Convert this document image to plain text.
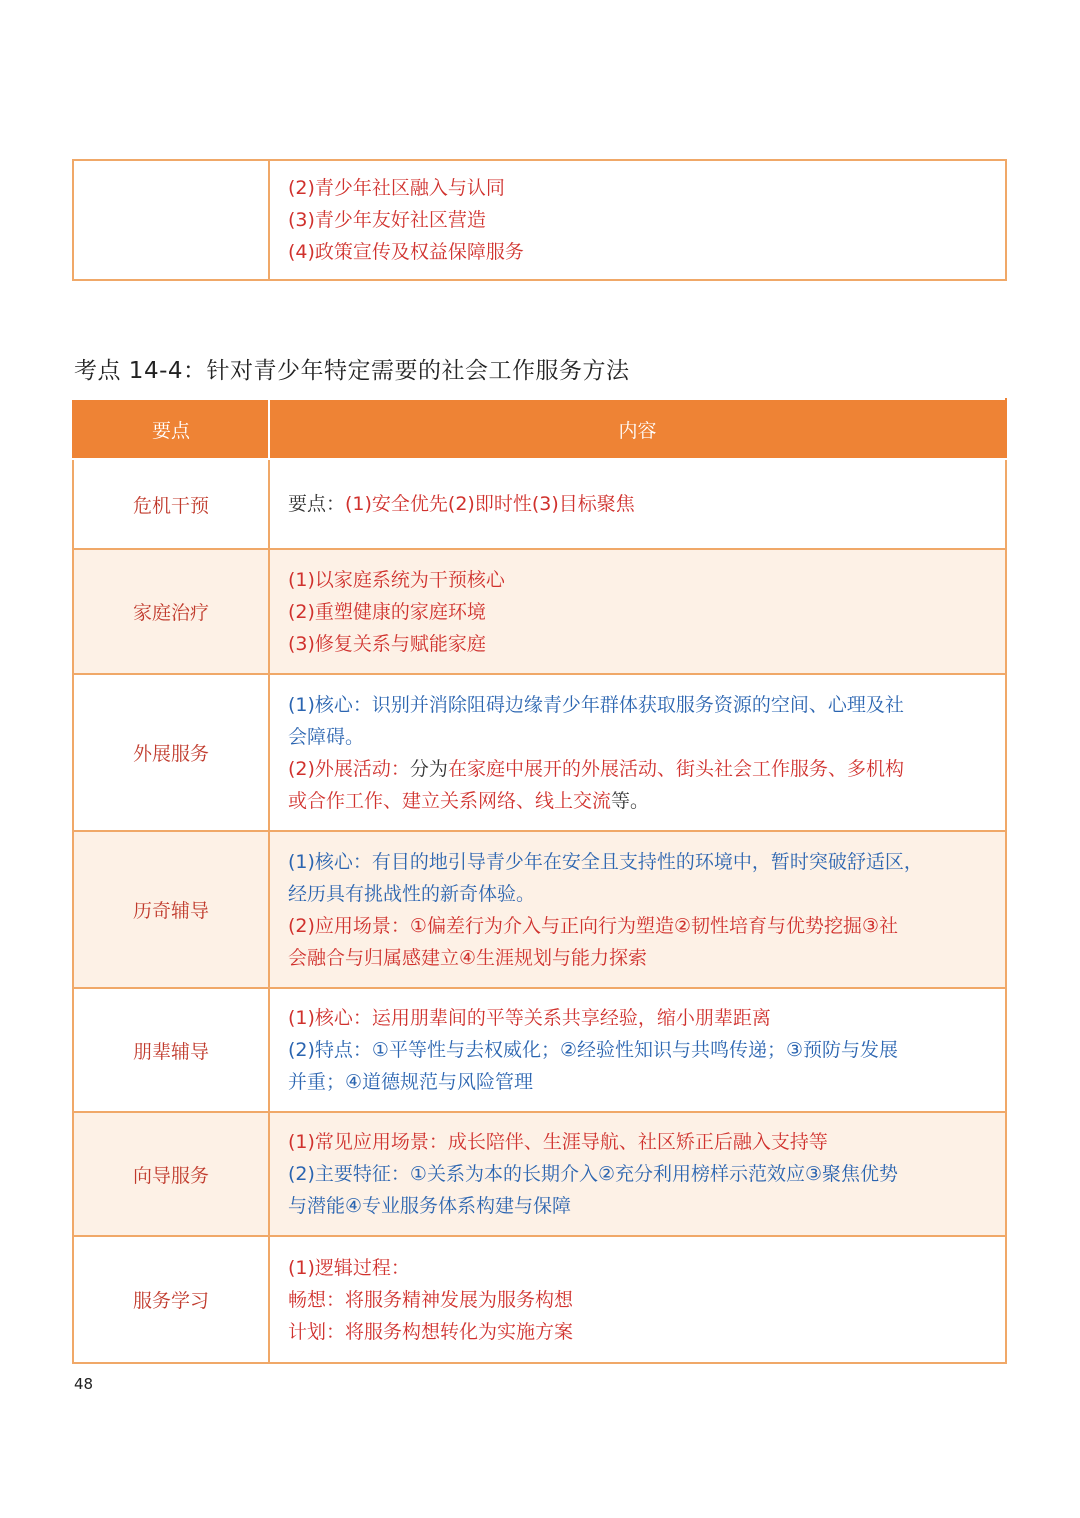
(2)青少年社区融入与认同
(3)青少年友好社区营造
(4)政策宣传及权益保障服务
考点 14-4：针对青少年特定需要的社会工作服务方法
要点	内容
危机干预	要点：(1)安全优先(2)即时性(3)目标聚焦

家庭治疗	(1)以家庭系统为干预核心
(2)重塑健康的家庭环境
(3)修复关系与赋能家庭

外展服务	(1)核心：识别并消除阻碍边缘青少年群体获取服务资源的空间、心理及社
会障碍。
(2)外展活动：分为在家庭中展开的外展活动、街头社会工作服务、多机构
或合作工作、建立关系网络、线上交流等。

历奇辅导	(1)核心：有目的地引导青少年在安全且支持性的环境中，暂时突破舒适区，
经历具有挑战性的新奇体验。
(2)应用场景：①偏差行为介入与正向行为塑造②韧性培育与优势挖掘③社
会融合与归属感建立④生涯规划与能力探索

朋辈辅导	(1)核心：运用朋辈间的平等关系共享经验，缩小朋辈距离
(2)特点：①平等性与去权威化；②经验性知识与共鸣传递；③预防与发展
并重；④道德规范与风险管理

向导服务	(1)常见应用场景：成长陪伴、生涯导航、社区矫正后融入支持等
(2)主要特征：①关系为本的长期介入②充分利用榜样示范效应③聚焦优势
与潜能④专业服务体系构建与保障

服务学习	(1)逻辑过程：
畅想：将服务精神发展为服务构想
计划：将服务构想转化为实施方案
48
